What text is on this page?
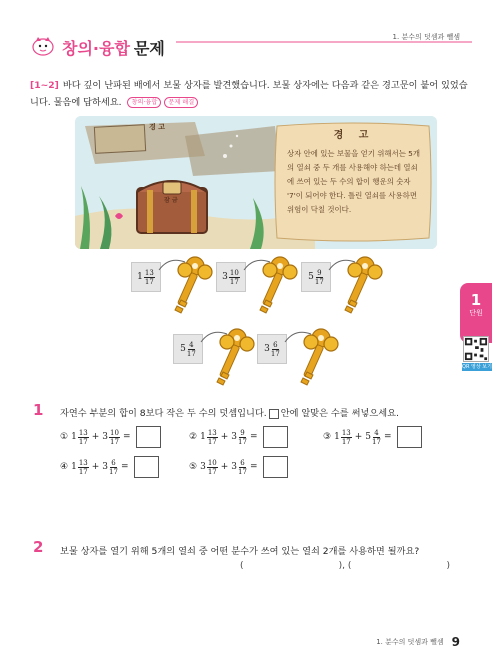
창의·융합 문제
1. 분수의 덧셈과 뺄셈
[1~2] 바다 깊이 난파된 배에서 보물 상자를 발견했습니다. 보물 상자에는 다음과 같은 경고문이 붙어 있었습니다. 물음에 답하세요. 창의·융합 문제 해결
경 고
잠 금
경 고
상자 안에 있는 보물을 얻기 위해서는 5개의 열쇠 중 두 개를 사용해야 하는데 열쇠에 쓰여 있는 두 수의 합이 행운의 숫자 '7'이 되어야 한다. 틀린 열쇠를 사용하면 위험이 닥칠 것이다.
$1 \frac{13}{17}$	$3 \frac{10}{17}$	$5 \frac{9}{17}$
$5 \frac{4}{17}$	$3 \frac{6}{17}$
1
단원
QR 영상 보기
1 자연수 부분의 합이 8보다 작은 두 수의 덧셈입니다. 안에 알맞은 수를 써넣으세요.
① $1 \frac{13}{17} + 3 \frac{10}{17}$ =	② $1 \frac{13}{17} + 3 \frac{9}{17}$ =	③ $1 \frac{13}{17} + 5 \frac{4}{17}$ =
④ $1 \frac{13}{17} + 3 \frac{6}{17}$ =	⑤ $3 \frac{10}{17} + 3 \frac{6}{17}$ =
2 보물 상자를 열기 위해 5개의 열쇠 중 어떤 분수가 쓰여 있는 열쇠 2개를 사용하면 될까요?
(	), (	)
1. 분수의 덧셈과 뺄셈 9
